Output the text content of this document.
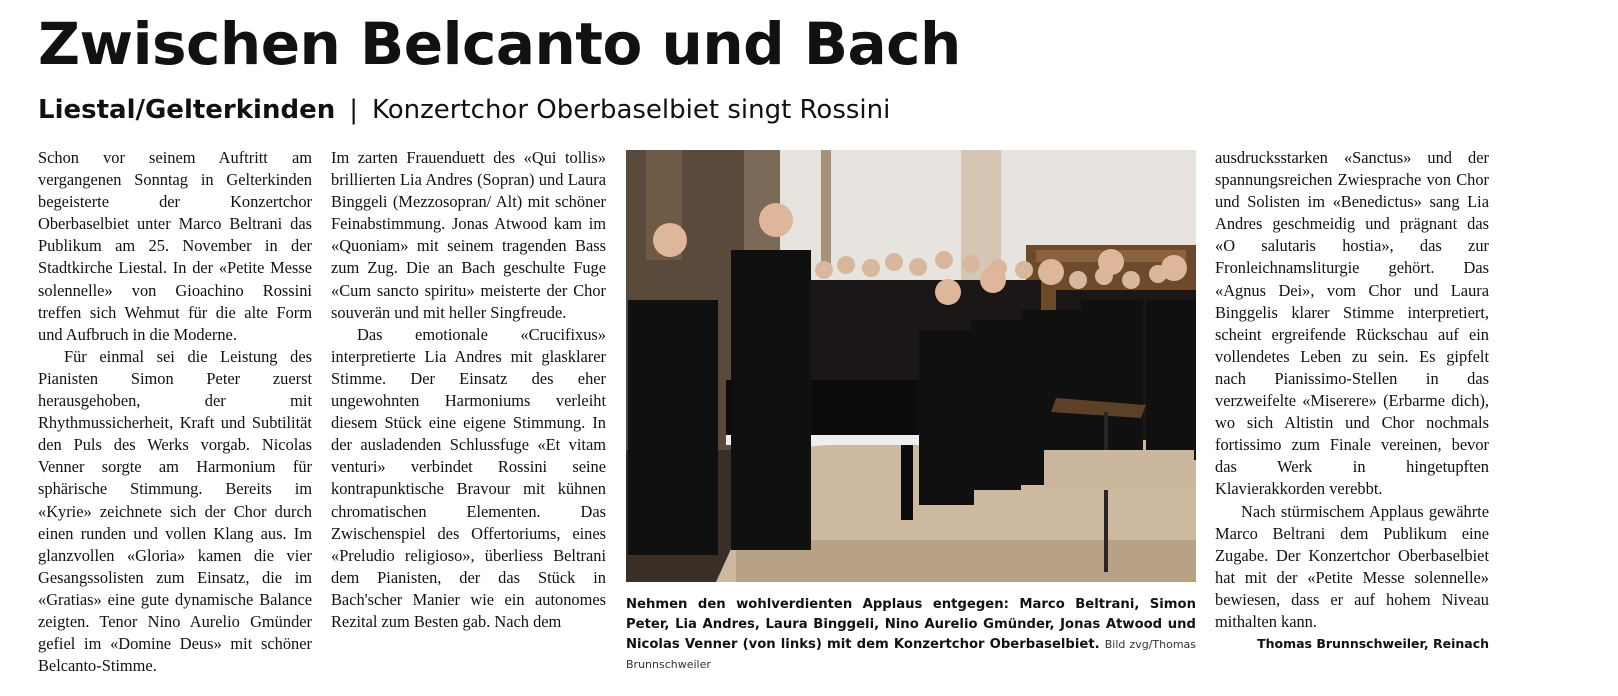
Zwischen Belcanto und Bach
Liestal/Gelterkinden | Konzertchor Oberbaselbiet singt Rossini

Schon vor seinem Auftritt am vergangenen Sonntag in Gelterkinden begeisterte der Konzertchor Oberbaselbiet unter Marco Beltrani das Publikum am 25. November in der Stadtkirche Liestal. In der «Petite Messe solennelle» von Gioachino Rossini treffen sich Wehmut für die alte Form und Aufbruch in die Moderne.

Für einmal sei die Leistung des Pianisten Simon Peter zuerst herausgehoben, der mit Rhythmussicherheit, Kraft und Subtilität den Puls des Werks vorgab. Nicolas Venner sorgte am Harmonium für sphärische Stimmung. Bereits im «Kyrie» zeichnete sich der Chor durch einen runden und vollen Klang aus. Im glanzvollen «Gloria» kamen die vier Gesangssolisten zum Einsatz, die im «Gratias» eine gute dynamische Balance zeigten. Tenor Nino Aurelio Gmünder gefiel im «Domine Deus» mit schöner Belcanto-Stimme.

Im zarten Frauenduett des «Qui tollis» brillierten Lia Andres (Sopran) und Laura Binggeli (Mezzosopran/ Alt) mit schöner Feinabstimmung. Jonas Atwood kam im «Quoniam» mit seinem tragenden Bass zum Zug. Die an Bach geschulte Fuge «Cum sancto spiritu» meisterte der Chor souverän und mit heller Singfreude.

Das emotionale «Crucifixus» interpretierte Lia Andres mit glasklarer Stimme. Der Einsatz des eher ungewohnten Harmoniums verleiht diesem Stück eine eigene Stimmung. In der ausladenden Schlussfuge «Et vitam venturi» verbindet Rossini seine kontrapunktische Bravour mit kühnen chromatischen Elementen. Das Zwischenspiel des Offertoriums, eines «Preludio religioso», überliess Beltrani dem Pianisten, der das Stück in Bach'scher Manier wie ein autonomes Rezital zum Besten gab. Nach dem

Nehmen den wohlverdienten Applaus entgegen: Marco Beltrani, Simon Peter, Lia Andres, Laura Binggeli, Nino Aurelio Gmünder, Jonas Atwood und Nicolas Venner (von links) mit dem Konzertchor Oberbaselbiet. Bild zvg/Thomas Brunnschweiler

ausdrucksstarken «Sanctus» und der spannungsreichen Zwiesprache von Chor und Solisten im «Benedictus» sang Lia Andres geschmeidig und prägnant das «O salutaris hostia», das zur Fronleichnamsliturgie gehört. Das «Agnus Dei», vom Chor und Laura Binggelis klarer Stimme interpretiert, scheint ergreifende Rückschau auf ein vollendetes Leben zu sein. Es gipfelt nach Pianissimo-Stellen in das verzweifelte «Miserere» (Erbarme dich), wo sich Altistin und Chor nochmals fortissimo zum Finale vereinen, bevor das Werk in hingetupften Klavierakkorden verebbt.

Nach stürmischem Applaus gewährte Marco Beltrani dem Publikum eine Zugabe. Der Konzertchor Oberbaselbiet hat mit der «Petite Messe solennelle» bewiesen, dass er auf hohem Niveau mithalten kann.

Thomas Brunnschweiler, Reinach
